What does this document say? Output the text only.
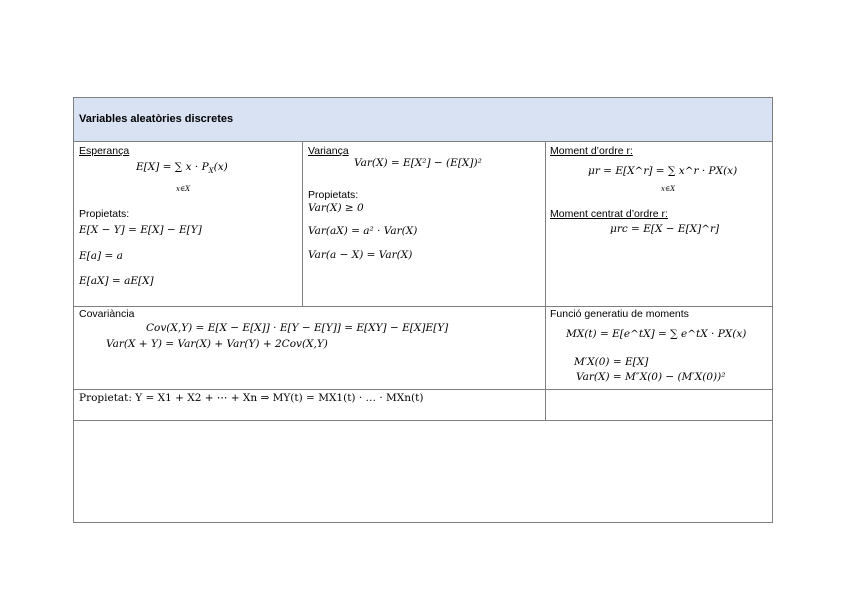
Variables aleatòries discretes
Esperança
E[X] = ∑ $x \cdot P_X(x)$
x∈X
Propietats:
E[X − Y] = E[X] − E[Y]
E[a] = a
E[aX] = aE[X]
Variança
Var(X) = E[X²] − (E[X])²
Propietats:
Var(X) ≥ 0
Var(aX) = a² · Var(X)
Var(a − X) = Var(X)
Moment d’ordre r:
μr = E[X^r] = ∑ x^r · PX(x)
x∈X
Moment centrat d’ordre r:
μrc = E[X − E[X]^r]
Covariància
Cov(X,Y) = E[X − E[X]] · E[Y − E[Y]] = E[XY] − E[X]E[Y]
Var(X + Y) = Var(X) + Var(Y) + 2Cov(X,Y)
Funció generatiu de moments
MX(t) = E[e^tX] = ∑ e^tX · PX(x)
M′X(0) = E[X]
Var(X) = M″X(0) − (M′X(0))²
Propietat: Y = X1 + X2 + ⋯ + Xn ⇒ MY(t) = MX1(t) · … · MXn(t)
